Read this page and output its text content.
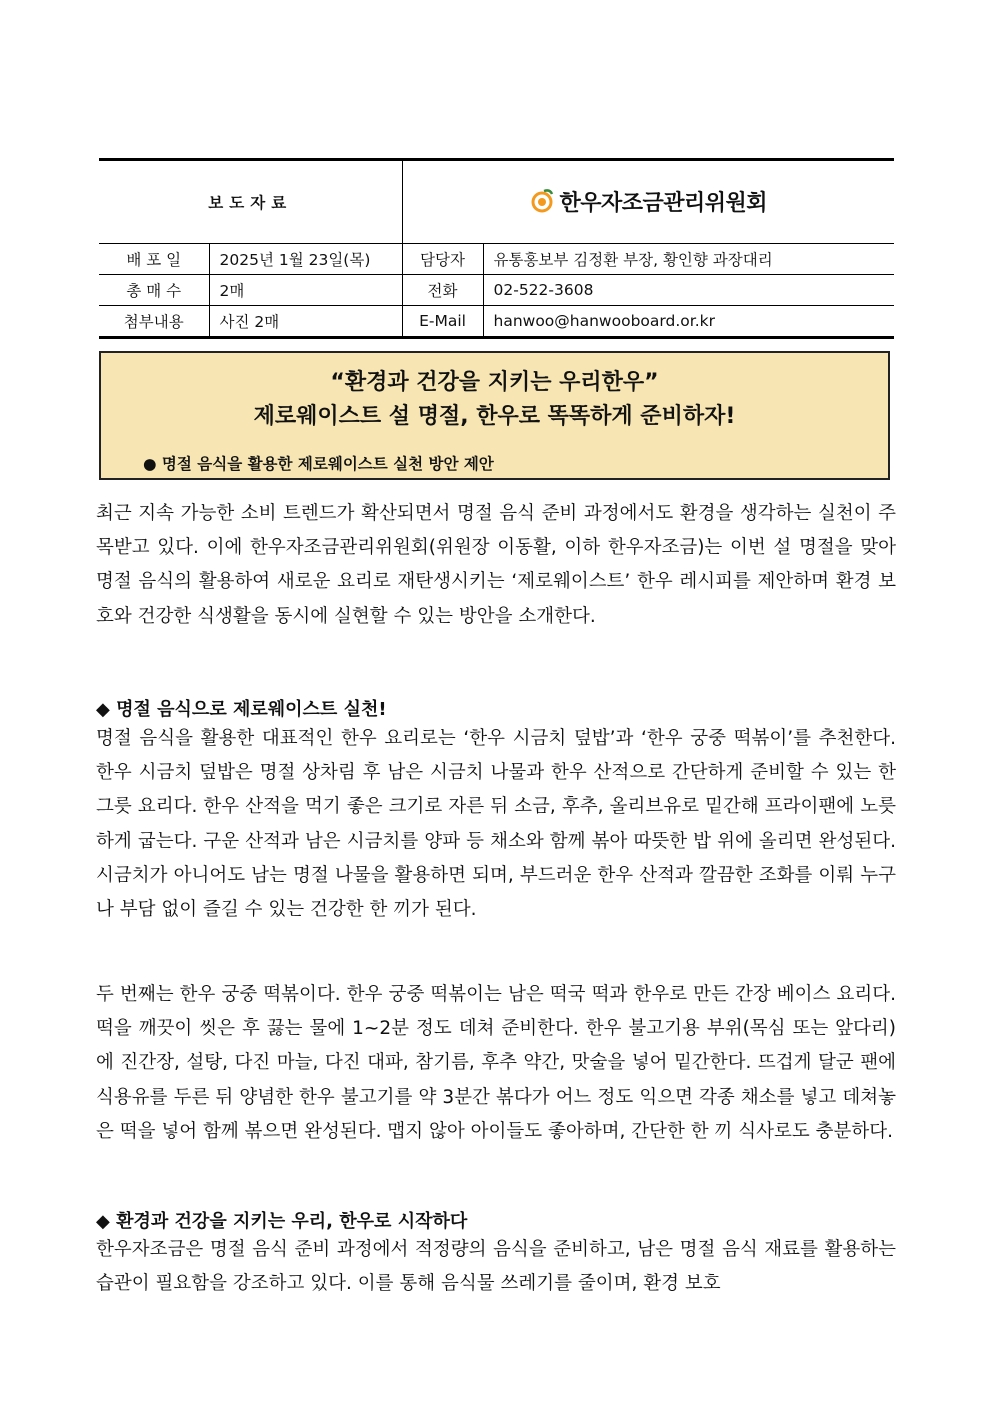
보도자료		한우자조금관리위원회	

배 포 일	2025년 1월 23일(목)	담당자	유통홍보부 김정환 부장, 황인향 과장대리
총 매 수	2매	전화	02-522-3608
첨부내용	사진 2매	E-Mail	hanwoo@hanwooboard.or.kr
“환경과 건강을 지키는 우리한우”
제로웨이스트 설 명절, 한우로 똑똑하게 준비하자!
● 명절 음식을 활용한 제로웨이스트 실천 방안 제안
최근 지속 가능한 소비 트렌드가 확산되면서 명절 음식 준비 과정에서도 환경을 생각하는 실천이 주목받고 있다. 이에 한우자조금관리위원회(위원장 이동활, 이하 한우자조금)는 이번 설 명절을 맞아 명절 음식의 활용하여 새로운 요리로 재탄생시키는 ‘제로웨이스트’ 한우 레시피를 제안하며 환경 보호와 건강한 식생활을 동시에 실현할 수 있는 방안을 소개한다.
◆ 명절 음식으로 제로웨이스트 실천!
명절 음식을 활용한 대표적인 한우 요리로는 ‘한우 시금치 덮밥’과 ‘한우 궁중 떡볶이’를 추천한다. 한우 시금치 덮밥은 명절 상차림 후 남은 시금치 나물과 한우 산적으로 간단하게 준비할 수 있는 한 그릇 요리다. 한우 산적을 먹기 좋은 크기로 자른 뒤 소금, 후추, 올리브유로 밑간해 프라이팬에 노릇하게 굽는다. 구운 산적과 남은 시금치를 양파 등 채소와 함께 볶아 따뜻한 밥 위에 올리면 완성된다. 시금치가 아니어도 남는 명절 나물을 활용하면 되며, 부드러운 한우 산적과 깔끔한 조화를 이뤄 누구나 부담 없이 즐길 수 있는 건강한 한 끼가 된다.
두 번째는 한우 궁중 떡볶이다. 한우 궁중 떡볶이는 남은 떡국 떡과 한우로 만든 간장 베이스 요리다. 떡을 깨끗이 씻은 후 끓는 물에 1~2분 정도 데쳐 준비한다. 한우 불고기용 부위(목심 또는 앞다리)에 진간장, 설탕, 다진 마늘, 다진 대파, 참기름, 후추 약간, 맛술을 넣어 밑간한다. 뜨겁게 달군 팬에 식용유를 두른 뒤 양념한 한우 불고기를 약 3분간 볶다가 어느 정도 익으면 각종 채소를 넣고 데쳐놓은 떡을 넣어 함께 볶으면 완성된다. 맵지 않아 아이들도 좋아하며, 간단한 한 끼 식사로도 충분하다.
◆ 환경과 건강을 지키는 우리, 한우로 시작하다
한우자조금은 명절 음식 준비 과정에서 적정량의 음식을 준비하고, 남은 명절 음식 재료를 활용하는 습관이 필요함을 강조하고 있다. 이를 통해 음식물 쓰레기를 줄이며, 환경 보호
